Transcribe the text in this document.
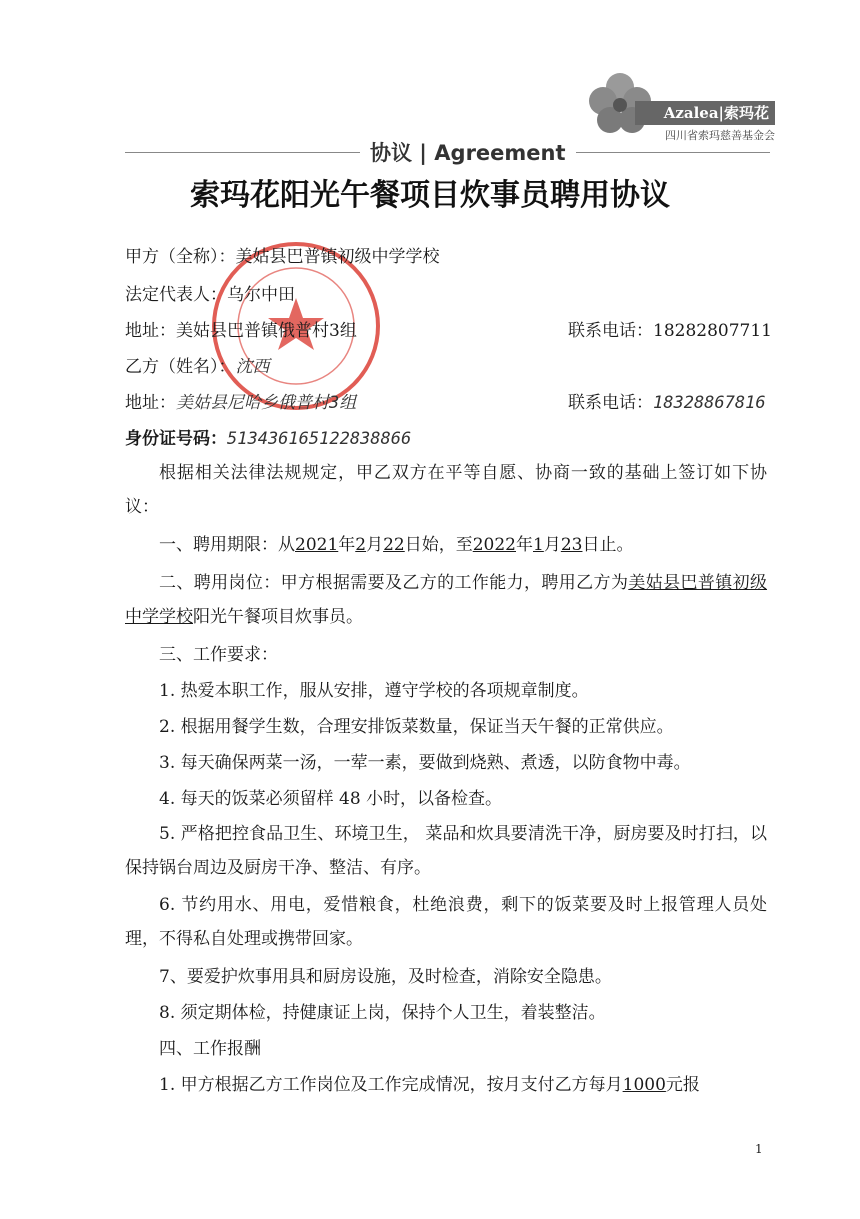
Azalea|索玛花
四川省索玛慈善基金会
协议 | Agreement
索玛花阳光午餐项目炊事员聘用协议
甲方（全称）：美姑县巴普镇初级中学学校
法定代表人：乌尔中田
地址：美姑县巴普镇俄普村3组	联系电话：18282807711
乙方（姓名）：沈西
地址：美姑县尼哈乡俄普村3组	联系电话：18328867816
身份证号码：513436165122838866
根据相关法律法规规定，甲乙双方在平等自愿、协商一致的基础上签订如下协议：
一、聘用期限：从2021年2月22日始，至2022年1月23日止。
二、聘用岗位：甲方根据需要及乙方的工作能力，聘用乙方为美姑县巴普镇初级中学学校阳光午餐项目炊事员。
三、工作要求：
1. 热爱本职工作，服从安排，遵守学校的各项规章制度。
2. 根据用餐学生数，合理安排饭菜数量，保证当天午餐的正常供应。
3. 每天确保两菜一汤，一荤一素，要做到烧熟、煮透，以防食物中毒。
4. 每天的饭菜必须留样 48 小时，以备检查。
5. 严格把控食品卫生、环境卫生， 菜品和炊具要清洗干净，厨房要及时打扫，以保持锅台周边及厨房干净、整洁、有序。
6. 节约用水、用电，爱惜粮食，杜绝浪费，剩下的饭菜要及时上报管理人员处理，不得私自处理或携带回家。
7、要爱护炊事用具和厨房设施，及时检查，消除安全隐患。
8. 须定期体检，持健康证上岗，保持个人卫生，着装整洁。
四、工作报酬
1. 甲方根据乙方工作岗位及工作完成情况，按月支付乙方每月1000元报
1
